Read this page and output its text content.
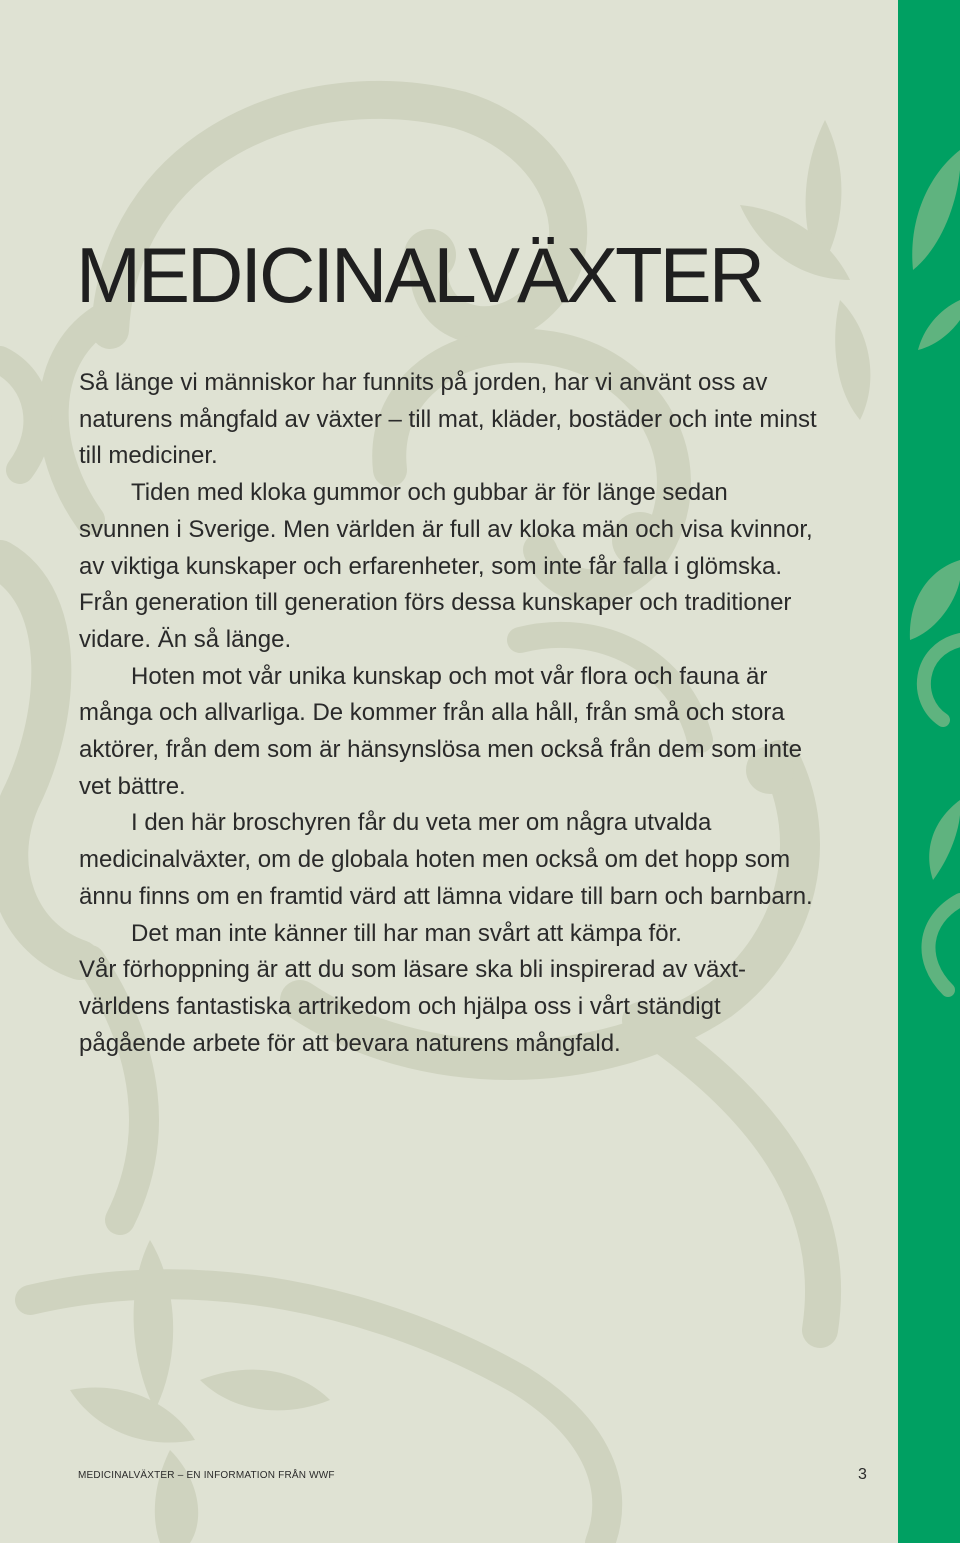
MEDICINALVÄXTER

Så länge vi människor har funnits på jorden, har vi använt oss av naturens mångfald av växter – till mat, kläder, bostäder och inte minst till mediciner.

Tiden med kloka gummor och gubbar är för länge sedan svunnen i Sverige. Men världen är full av kloka män och visa kvinnor, av viktiga kunskaper och erfarenheter, som inte får falla i glömska. Från generation till generation förs dessa kunskaper och traditioner vidare. Än så länge.

Hoten mot vår unika kunskap och mot vår flora och fauna är många och allvarliga. De kommer från alla håll, från små och stora aktörer, från dem som är hänsynslösa men också från dem som inte vet bättre.

I den här broschyren får du veta mer om några utvalda medicinalväxter, om de globala hoten men också om det hopp som ännu finns om en framtid värd att lämna vidare till barn och barnbarn.

Det man inte känner till har man svårt att kämpa för.

Vår förhoppning är att du som läsare ska bli inspirerad av växt-världens fantastiska artrikedom och hjälpa oss i vårt ständigt pågående arbete för att bevara naturens mångfald.

MEDICINALVÄXTER – EN INFORMATION FRÅN WWF	3
